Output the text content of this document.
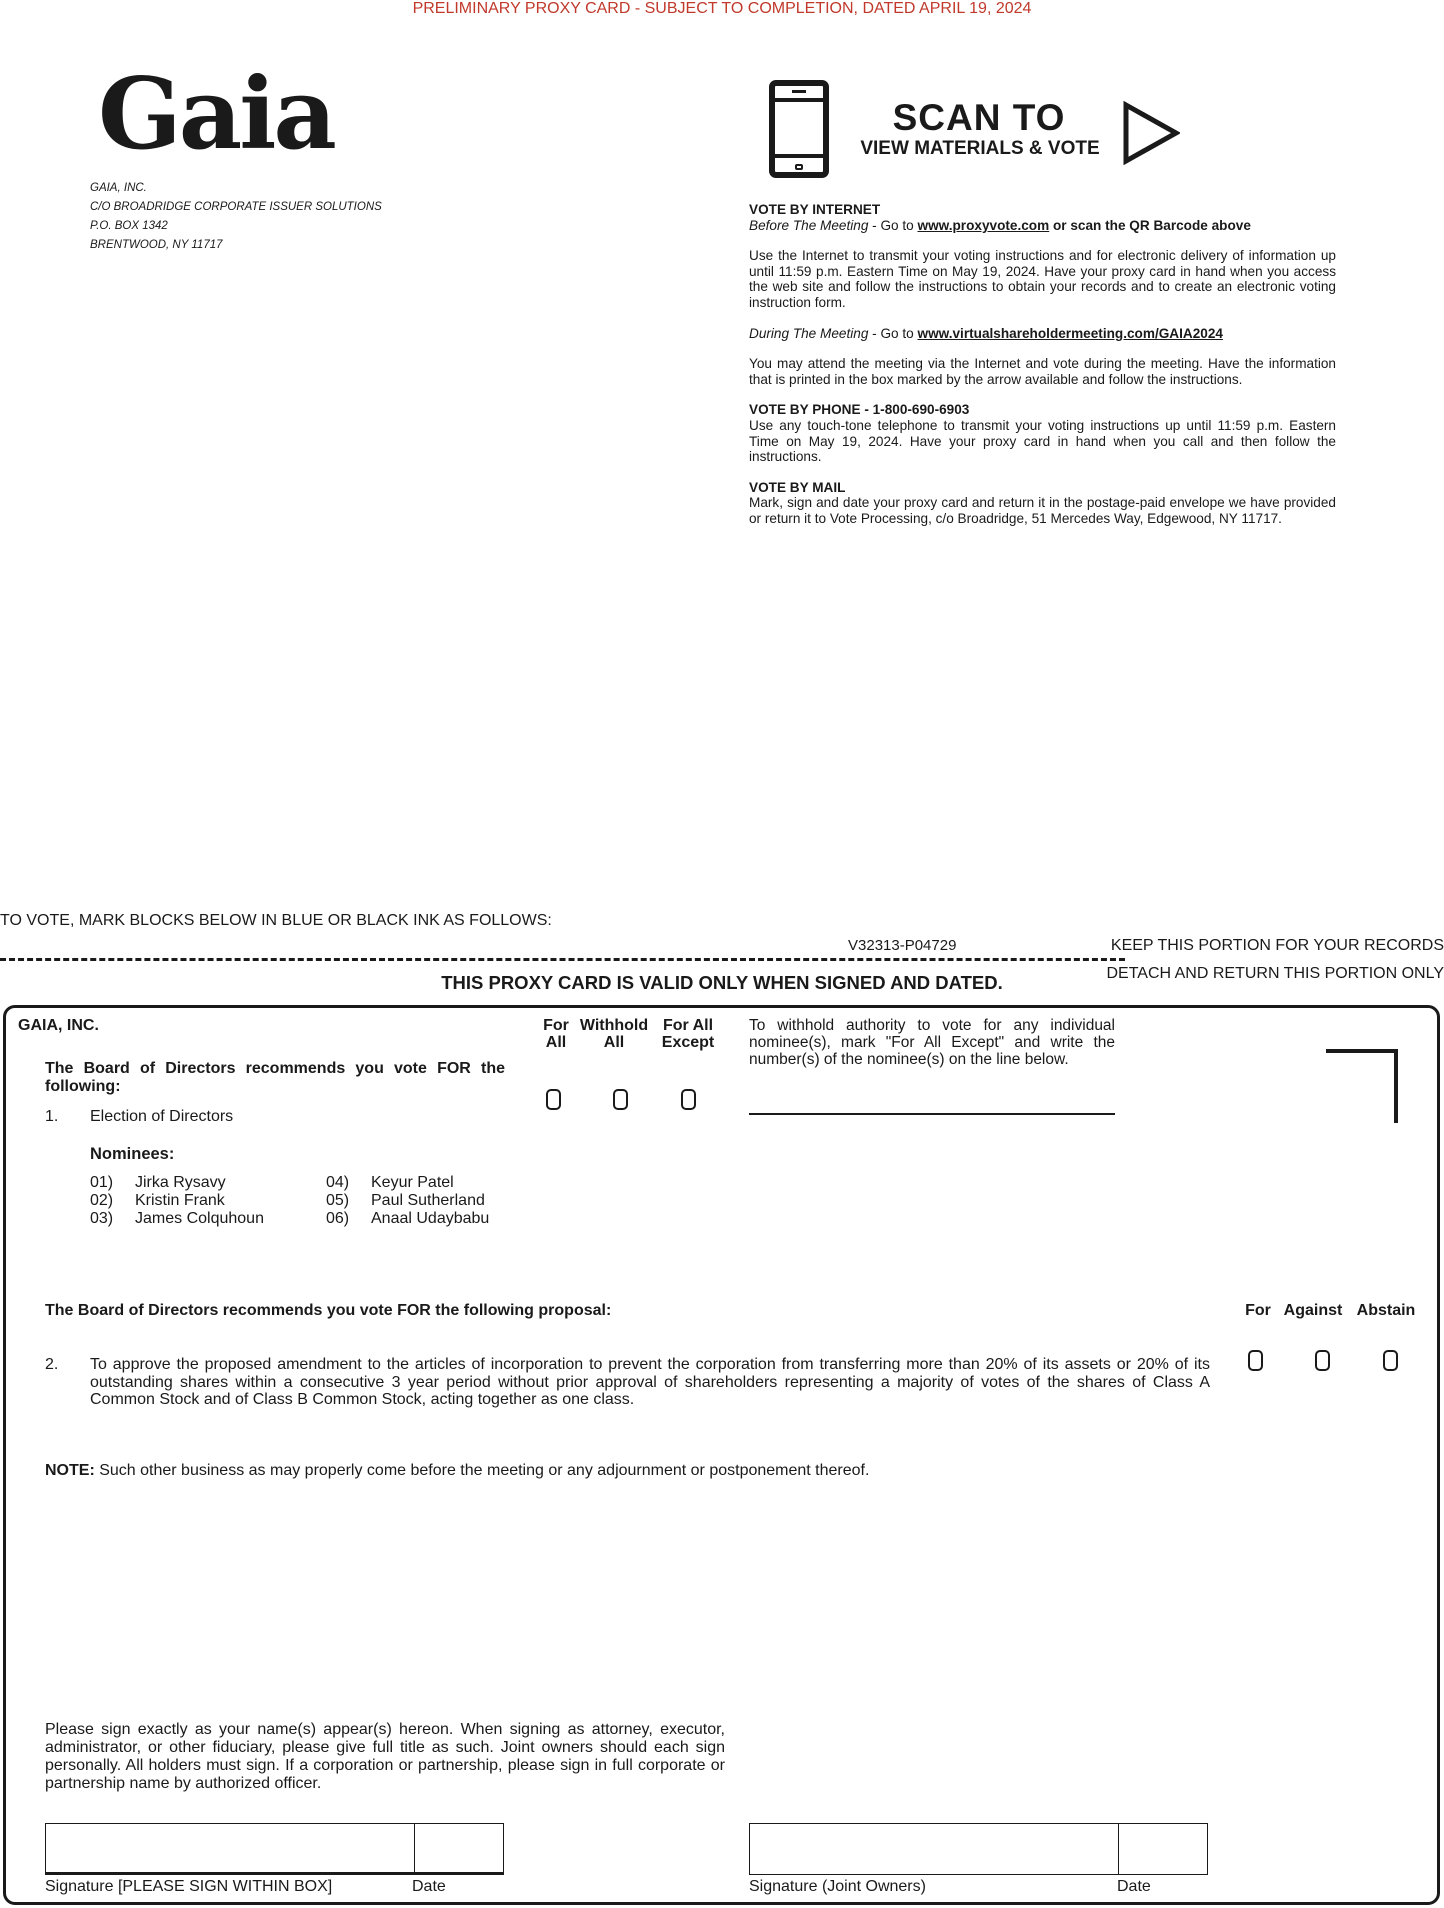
PRELIMINARY PROXY CARD - SUBJECT TO COMPLETION, DATED APRIL 19, 2024
Gaia
GAIA, INC.
C/O BROADRIDGE CORPORATE ISSUER SOLUTIONS
P.O. BOX 1342
BRENTWOOD, NY 11717
SCAN TO
VIEW MATERIALS & VOTE
VOTE BY INTERNET
Before The Meeting - Go to www.proxyvote.com or scan the QR Barcode above

Use the Internet to transmit your voting instructions and for electronic delivery of information up until 11:59 p.m. Eastern Time on May 19, 2024. Have your proxy card in hand when you access the web site and follow the instructions to obtain your records and to create an electronic voting instruction form.

During The Meeting - Go to www.virtualshareholdermeeting.com/GAIA2024

You may attend the meeting via the Internet and vote during the meeting. Have the information that is printed in the box marked by the arrow available and follow the instructions.

VOTE BY PHONE - 1-800-690-6903

Use any touch-tone telephone to transmit your voting instructions up until 11:59 p.m. Eastern Time on May 19, 2024. Have your proxy card in hand when you call and then follow the instructions.

VOTE BY MAIL

Mark, sign and date your proxy card and return it in the postage-paid envelope we have provided or return it to Vote Processing, c/o Broadridge, 51 Mercedes Way, Edgewood, NY 11717.

TO VOTE, MARK BLOCKS BELOW IN BLUE OR BLACK INK AS FOLLOWS:
V32313-P04729	KEEP THIS PORTION FOR YOUR RECORDS
DETACH AND RETURN THIS PORTION ONLY
THIS PROXY CARD IS VALID ONLY WHEN SIGNED AND DATED.
GAIA, INC.
The Board of Directors recommends you vote FOR the following:
1. Election of Directors
Nominees:
01) Jirka Rysavy
02) Kristin Frank
03) James Colquhoun
04) Keyur Patel
05) Paul Sutherland
06) Anaal Udaybabu
For
All
Withhold
All
For All
Except
To withhold authority to vote for any individual nominee(s), mark "For All Except" and write the number(s) of the nominee(s) on the line below.
The Board of Directors recommends you vote FOR the following proposal:	For Against Abstain
2. To approve the proposed amendment to the articles of incorporation to prevent the corporation from transferring more than 20% of its assets or 20% of its outstanding shares within a consecutive 3 year period without prior approval of shareholders representing a majority of votes of the shares of Class A Common Stock and of Class B Common Stock, acting together as one class.
NOTE: Such other business as may properly come before the meeting or any adjournment or postponement thereof.
Please sign exactly as your name(s) appear(s) hereon. When signing as attorney, executor, administrator, or other fiduciary, please give full title as such. Joint owners should each sign personally. All holders must sign. If a corporation or partnership, please sign in full corporate or partnership name by authorized officer.
Signature [PLEASE SIGN WITHIN BOX]	Date	Signature (Joint Owners)	Date
